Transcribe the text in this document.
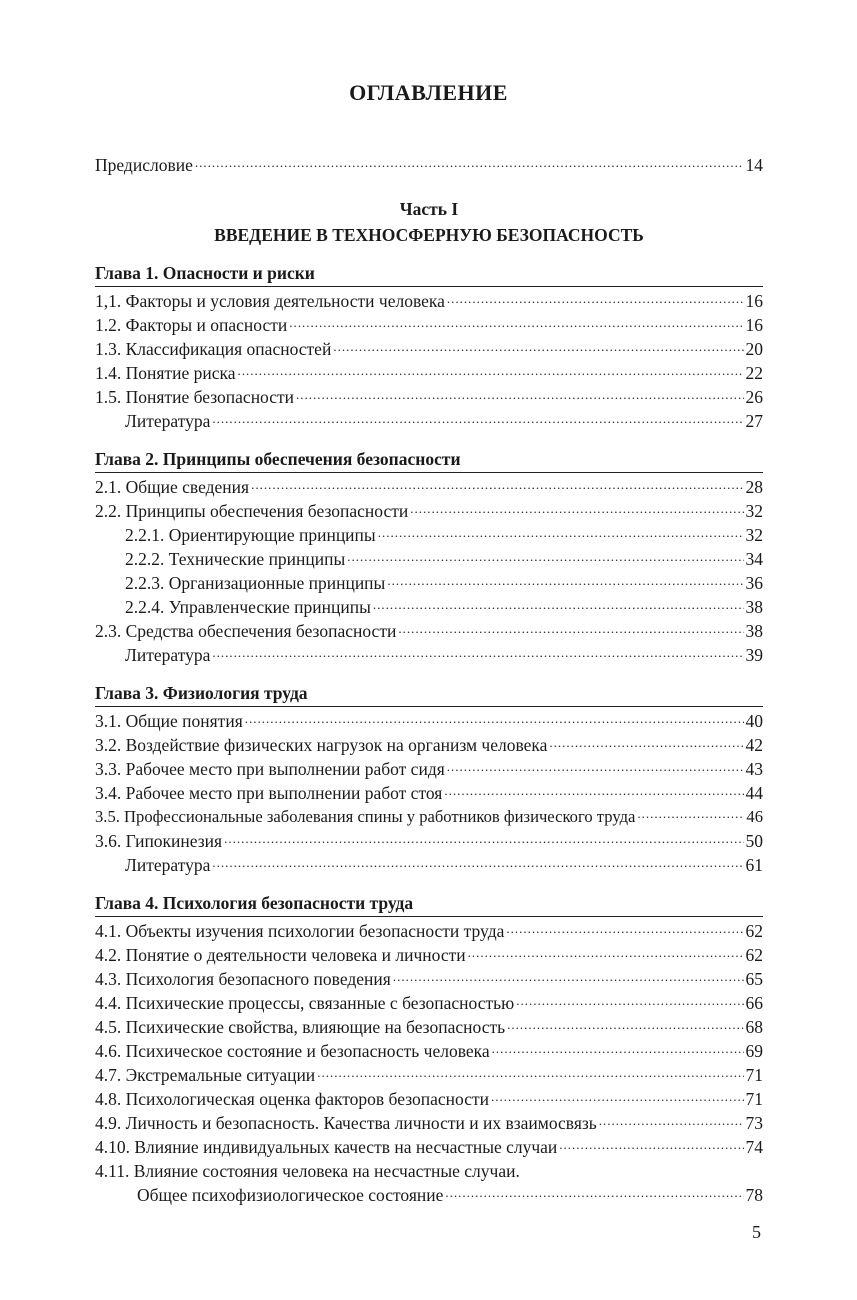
ОГЛАВЛЕНИЕ
Предисловие .....	14
Часть I
ВВЕДЕНИЕ В ТЕХНОСФЕРНУЮ БЕЗОПАСНОСТЬ
Глава 1. Опасности и риски
1,1. Факторы и условия деятельности человека .....	16
1.2. Факторы и опасности .....	16
1.3. Классификация опасностей .....	20
1.4. Понятие риска .....	22
1.5. Понятие безопасности .....	26
Литература .....	27
Глава 2. Принципы обеспечения безопасности
2.1. Общие сведения .....	28
2.2. Принципы обеспечения безопасности .....	32
2.2.1. Ориентирующие принципы .....	32
2.2.2. Технические принципы .....	34
2.2.3. Организационные принципы .....	36
2.2.4. Управленческие принципы .....	38
2.3. Средства обеспечения безопасности .....	38
Литература .....	39
Глава 3. Физиология труда
3.1. Общие понятия .....	40
3.2. Воздействие физических нагрузок на организм человека .....	42
3.3. Рабочее место при выполнении работ сидя .....	43
3.4. Рабочее место при выполнении работ стоя .....	44
3.5. Профессиональные заболевания спины у работников физического труда .....	46
3.6. Гипокинезия .....	50
Литература .....	61
Глава 4. Психология безопасности труда
4.1. Объекты изучения психологии безопасности труда .....	62
4.2. Понятие о деятельности человека и личности .....	62
4.3. Психология безопасного поведения .....	65
4.4. Психические процессы, связанные с безопасностью .....	66
4.5. Психические свойства, влияющие на безопасность .....	68
4.6. Психическое состояние и безопасность человека .....	69
4.7. Экстремальные ситуации .....	71
4.8. Психологическая оценка факторов безопасности .....	71
4.9. Личность и безопасность. Качества личности и их взаимосвязь .....	73
4.10. Влияние индивидуальных качеств на несчастные случаи .....	74
4.11. Влияние состояния человека на несчастные случаи.
Общее психофизиологическое состояние .....	78
5
